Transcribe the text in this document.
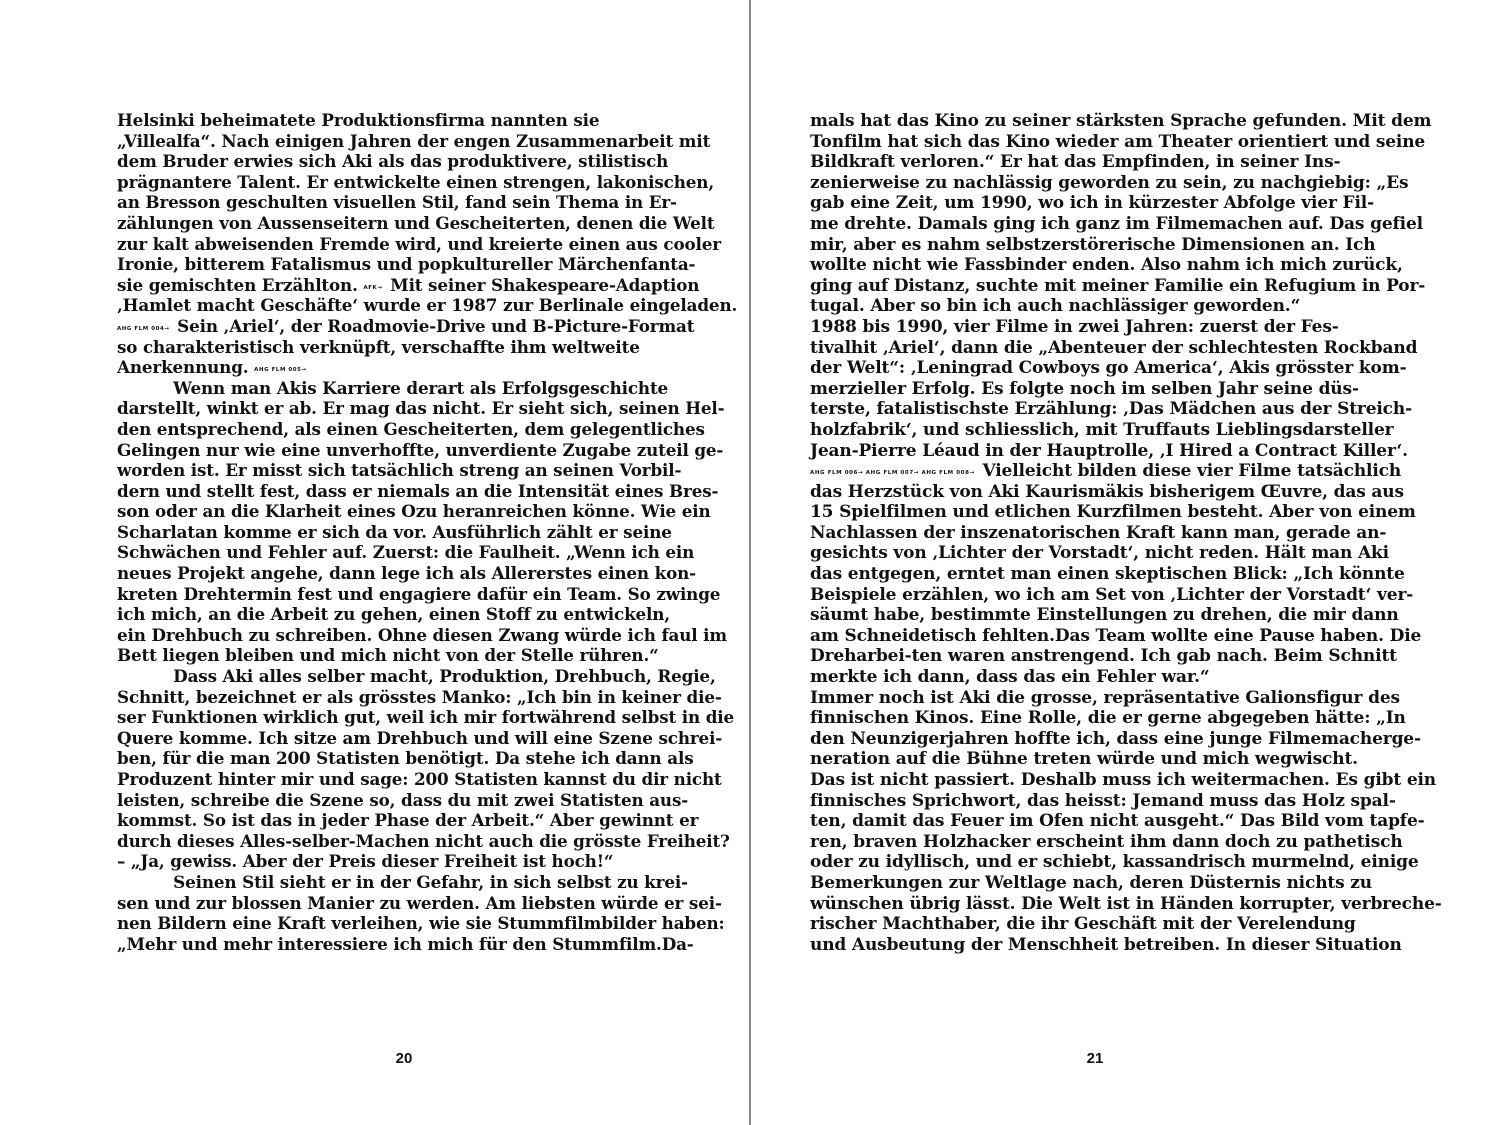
Helsinki beheimatete Produktionsfirma nannten sie
„Villealfa“. Nach einigen Jahren der engen Zusammenarbeit mit
dem Bruder erwies sich Aki als das produktivere, stilistisch
prägnantere Talent. Er entwickelte einen strengen, lakonischen,
an Bresson geschulten visuellen Stil, fand sein Thema in Er-
zählungen von Aussenseitern und Gescheiterten, denen die Welt
zur kalt abweisenden Fremde wird, und kreierte einen aus cooler
Ironie, bitterem Fatalismus und popkultureller Märchenfanta-
sie gemischten Erzählton. AFK→ Mit seiner Shakespeare-Adaption
‚Hamlet macht Geschäfte‘ wurde er 1987 zur Berlinale eingeladen.
AHG FLM 004→ Sein ‚Ariel‘, der Roadmovie-Drive und B-Picture-Format
so charakteristisch verknüpft, verschaffte ihm weltweite
Anerkennung. AHG FLM 005→
Wenn man Akis Karriere derart als Erfolgsgeschichte
darstellt, winkt er ab. Er mag das nicht. Er sieht sich, seinen Hel-
den entsprechend, als einen Gescheiterten, dem gelegentliches
Gelingen nur wie eine unverhoffte, unverdiente Zugabe zuteil ge-
worden ist. Er misst sich tatsächlich streng an seinen Vorbil-
dern und stellt fest, dass er niemals an die Intensität eines Bres-
son oder an die Klarheit eines Ozu heranreichen könne. Wie ein
Scharlatan komme er sich da vor. Ausführlich zählt er seine
Schwächen und Fehler auf. Zuerst: die Faulheit. „Wenn ich ein
neues Projekt angehe, dann lege ich als Allererstes einen kon-
kreten Drehtermin fest und engagiere dafür ein Team. So zwinge
ich mich, an die Arbeit zu gehen, einen Stoff zu entwickeln,
ein Drehbuch zu schreiben. Ohne diesen Zwang würde ich faul im
Bett liegen bleiben und mich nicht von der Stelle rühren.“
Dass Aki alles selber macht, Produktion, Drehbuch, Regie,
Schnitt, bezeichnet er als grösstes Manko: „Ich bin in keiner die-
ser Funktionen wirklich gut, weil ich mir fortwährend selbst in die
Quere komme. Ich sitze am Drehbuch und will eine Szene schrei-
ben, für die man 200 Statisten benötigt. Da stehe ich dann als
Produzent hinter mir und sage: 200 Statisten kannst du dir nicht
leisten, schreibe die Szene so, dass du mit zwei Statisten aus-
kommst. So ist das in jeder Phase der Arbeit.“ Aber gewinnt er
durch dieses Alles-selber-Machen nicht auch die grösste Freiheit?
– „Ja, gewiss. Aber der Preis dieser Freiheit ist hoch!“
Seinen Stil sieht er in der Gefahr, in sich selbst zu krei-
sen und zur blossen Manier zu werden. Am liebsten würde er sei-
nen Bildern eine Kraft verleihen, wie sie Stummfilmbilder haben:
„Mehr und mehr interessiere ich mich für den Stummfilm.Da-
20
mals hat das Kino zu seiner stärksten Sprache gefunden. Mit dem
Tonfilm hat sich das Kino wieder am Theater orientiert und seine
Bildkraft verloren.“ Er hat das Empfinden, in seiner Ins-
zenierweise zu nachlässig geworden zu sein, zu nachgiebig: „Es
gab eine Zeit, um 1990, wo ich in kürzester Abfolge vier Fil-
me drehte. Damals ging ich ganz im Filmemachen auf. Das gefiel
mir, aber es nahm selbstzerstörerische Dimensionen an. Ich
wollte nicht wie Fassbinder enden. Also nahm ich mich zurück,
ging auf Distanz, suchte mit meiner Familie ein Refugium in Por-
tugal. Aber so bin ich auch nachlässiger geworden.“
1988 bis 1990, vier Filme in zwei Jahren: zuerst der Fes-
tivalhit ‚Ariel‘, dann die „Abenteuer der schlechtesten Rockband
der Welt“: ‚Leningrad Cowboys go America‘, Akis grösster kom-
merzieller Erfolg. Es folgte noch im selben Jahr seine düs-
terste, fatalistischste Erzählung: ‚Das Mädchen aus der Streich-
holzfabrik‘, und schliesslich, mit Truffauts Lieblingsdarsteller
Jean-Pierre Léaud in der Hauptrolle, ‚I Hired a Contract Killer‘.
AHG FLM 006→ AHG FLM 007→ AHG FLM 008→ Vielleicht bilden diese vier Filme tatsächlich
das Herzstück von Aki Kaurismäkis bisherigem Œuvre, das aus
15 Spielfilmen und etlichen Kurzfilmen besteht. Aber von einem
Nachlassen der inszenatorischen Kraft kann man, gerade an-
gesichts von ‚Lichter der Vorstadt‘, nicht reden. Hält man Aki
das entgegen, erntet man einen skeptischen Blick: „Ich könnte
Beispiele erzählen, wo ich am Set von ‚Lichter der Vorstadt‘ ver-
säumt habe, bestimmte Einstellungen zu drehen, die mir dann
am Schneidetisch fehlten.Das Team wollte eine Pause haben. Die
Dreharbei-ten waren anstrengend. Ich gab nach. Beim Schnitt
merkte ich dann, dass das ein Fehler war.“
Immer noch ist Aki die grosse, repräsentative Galionsfigur des
finnischen Kinos. Eine Rolle, die er gerne abgegeben hätte: „In
den Neunzigerjahren hoffte ich, dass eine junge Filmemacherge-
neration auf die Bühne treten würde und mich wegwischt.
Das ist nicht passiert. Deshalb muss ich weitermachen. Es gibt ein
finnisches Sprichwort, das heisst: Jemand muss das Holz spal-
ten, damit das Feuer im Ofen nicht ausgeht.“ Das Bild vom tapfe-
ren, braven Holzhacker erscheint ihm dann doch zu pathetisch
oder zu idyllisch, und er schiebt, kassandrisch murmelnd, einige
Bemerkungen zur Weltlage nach, deren Düsternis nichts zu
wünschen übrig lässt. Die Welt ist in Händen korrupter, verbreche-
rischer Machthaber, die ihr Geschäft mit der Verelendung
und Ausbeutung der Menschheit betreiben. In dieser Situation
21
